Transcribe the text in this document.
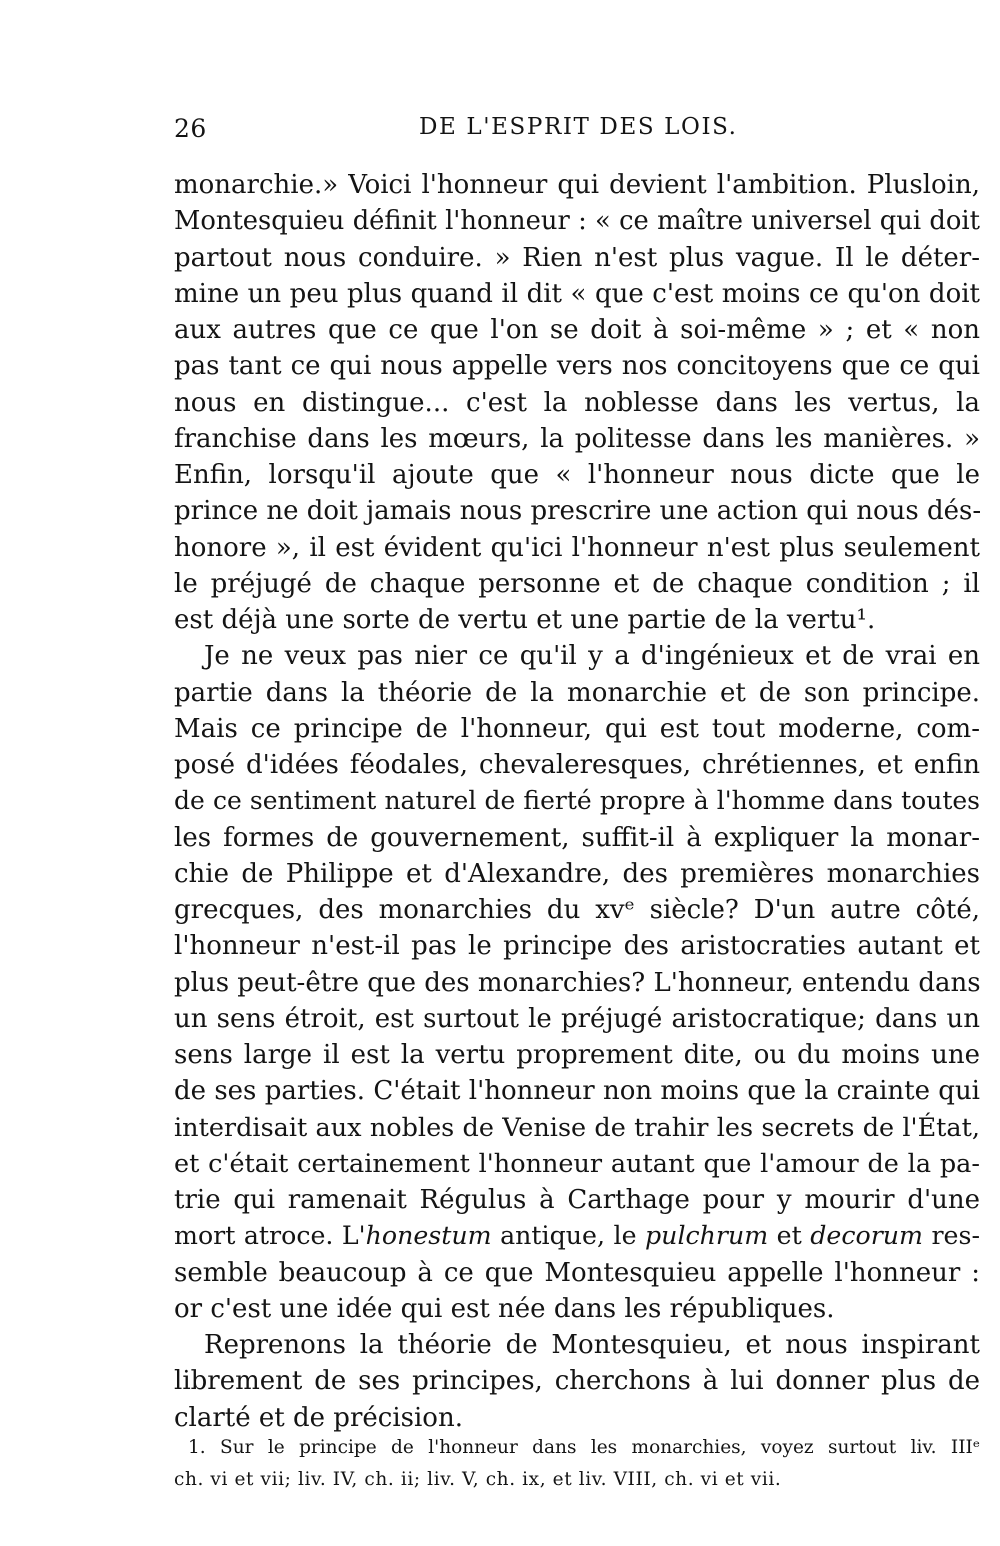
26	DE L'ESPRIT DES LOIS.
monarchie.» Voici l'honneur qui devient l'ambition. Plusloin,
Montesquieu définit l'honneur : « ce maître universel qui doit
partout nous conduire. » Rien n'est plus vague. Il le déter-
mine un peu plus quand il dit « que c'est moins ce qu'on doit
aux autres que ce que l'on se doit à soi-même » ; et « non
pas tant ce qui nous appelle vers nos concitoyens que ce qui
nous en distingue... c'est la noblesse dans les vertus, la
franchise dans les mœurs, la politesse dans les manières. »
Enfin, lorsqu'il ajoute que « l'honneur nous dicte que le
prince ne doit jamais nous prescrire une action qui nous dés-
honore », il est évident qu'ici l'honneur n'est plus seulement
le préjugé de chaque personne et de chaque condition ; il
est déjà une sorte de vertu et une partie de la vertu¹.
Je ne veux pas nier ce qu'il y a d'ingénieux et de vrai en
partie dans la théorie de la monarchie et de son principe.
Mais ce principe de l'honneur, qui est tout moderne, com-
posé d'idées féodales, chevaleresques, chrétiennes, et enfin
de ce sentiment naturel de fierté propre à l'homme dans toutes
les formes de gouvernement, suffit-il à expliquer la monar-
chie de Philippe et d'Alexandre, des premières monarchies
grecques, des monarchies du xvᵉ siècle? D'un autre côté,
l'honneur n'est-il pas le principe des aristocraties autant et
plus peut-être que des monarchies? L'honneur, entendu dans
un sens étroit, est surtout le préjugé aristocratique; dans un
sens large il est la vertu proprement dite, ou du moins une
de ses parties. C'était l'honneur non moins que la crainte qui
interdisait aux nobles de Venise de trahir les secrets de l'État,
et c'était certainement l'honneur autant que l'amour de la pa-
trie qui ramenait Régulus à Carthage pour y mourir d'une
mort atroce. L'honestum antique, le pulchrum et decorum res-
semble beaucoup à ce que Montesquieu appelle l'honneur :
or c'est une idée qui est née dans les républiques.
Reprenons la théorie de Montesquieu, et nous inspirant
librement de ses principes, cherchons à lui donner plus de
clarté et de précision.
1. Sur le principe de l'honneur dans les monarchies, voyez surtout liv. IIIᵉ
ch. vi et vii; liv. IV, ch. ii; liv. V, ch. ix, et liv. VIII, ch. vi et vii.
